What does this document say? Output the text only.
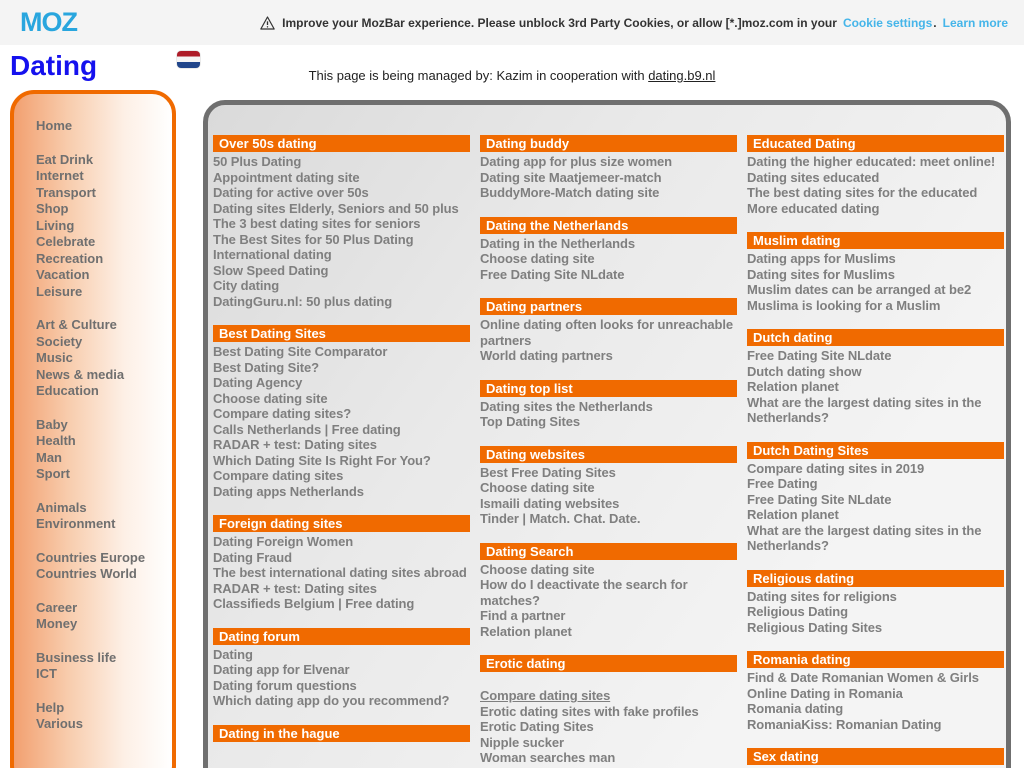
MOZ	Improve your MozBar experience. Please unblock 3rd Party Cookies, or allow [*.]moz.com in your Cookie settings . Learn more
Dating	This page is being managed by: Kazim in cooperation with dating.b9.nl
Home
Eat Drink
Internet
Transport
Shop
Living
Celebrate
Recreation
Vacation
Leisure
Art & Culture
Society
Music
News & media
Education
Baby
Health
Man
Sport
Animals
Environment
Countries Europe
Countries World
Career
Money
Business life
ICT
Help
Various
Over 50s dating
50 Plus Dating
Appointment dating site
Dating for active over 50s
Dating sites Elderly, Seniors and 50 plus
The 3 best dating sites for seniors
The Best Sites for 50 Plus Dating
International dating
Slow Speed Dating
City dating
DatingGuru.nl: 50 plus dating
Best Dating Sites
Best Dating Site Comparator
Best Dating Site?
Dating Agency
Choose dating site
Compare dating sites?
Calls Netherlands | Free dating
RADAR + test: Dating sites
Which Dating Site Is Right For You?
Compare dating sites
Dating apps Netherlands
Foreign dating sites
Dating Foreign Women
Dating Fraud
The best international dating sites abroad
RADAR + test: Dating sites
Classifieds Belgium | Free dating
Dating forum
Dating
Dating app for Elvenar
Dating forum questions
Which dating app do you recommend?
Dating in the hague
Dating buddy
Dating app for plus size women
Dating site Maatjemeer-match
BuddyMore-Match dating site
Dating the Netherlands
Dating in the Netherlands
Choose dating site
Free Dating Site NLdate
Dating partners
Online dating often looks for unreachable partners
World dating partners
Dating top list
Dating sites the Netherlands
Top Dating Sites
Dating websites
Best Free Dating Sites
Choose dating site
Ismaili dating websites
Tinder | Match. Chat. Date.
Dating Search
Choose dating site
How do I deactivate the search for matches?
Find a partner
Relation planet
Erotic dating
Compare dating sites
Erotic dating sites with fake profiles
Erotic Dating Sites
Nipple sucker
Woman searches man
Educated Dating
Dating the higher educated: meet online!
Dating sites educated
The best dating sites for the educated
More educated dating
Muslim dating
Dating apps for Muslims
Dating sites for Muslims
Muslim dates can be arranged at be2
Muslima is looking for a Muslim
Dutch dating
Free Dating Site NLdate
Dutch dating show
Relation planet
What are the largest dating sites in the Netherlands?
Dutch Dating Sites
Compare dating sites in 2019
Free Dating
Free Dating Site NLdate
Relation planet
What are the largest dating sites in the Netherlands?
Religious dating
Dating sites for religions
Religious Dating
Religious Dating Sites
Romania dating
Find & Date Romanian Women & Girls
Online Dating in Romania
Romania dating
RomaniaKiss: Romanian Dating
Sex dating
